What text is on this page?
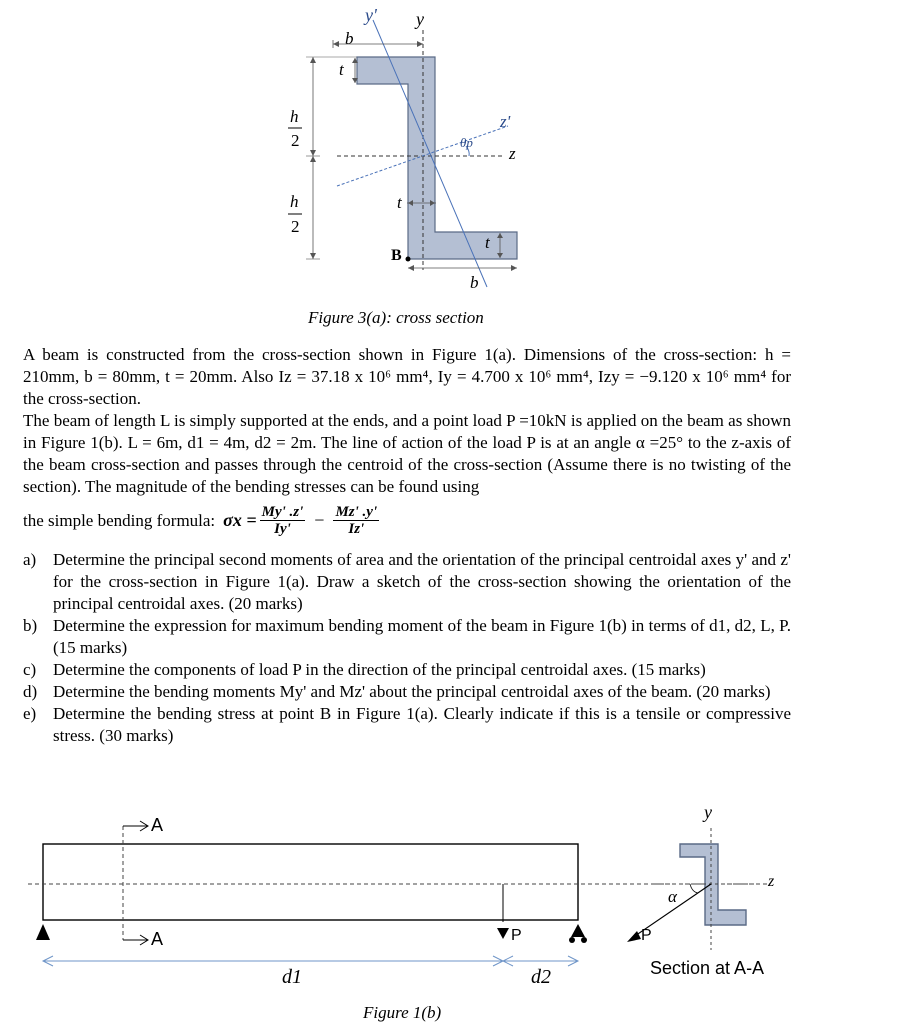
y' y
b
t
h
2
z'
z
θp
h
2
t
t
B
b
Figure 3(a): cross section

A beam is constructed from the cross-section shown in Figure 1(a). Dimensions of the cross-section: h = 210mm, b = 80mm, t = 20mm. Also Iz = 37.18 x 10⁶ mm⁴, Iy = 4.700 x 10⁶ mm⁴, Izy = −9.120 x 10⁶ mm⁴ for the cross-section.

The beam of length L is simply supported at the ends, and a point load P =10kN is applied on the beam as shown in Figure 1(b). L = 6m, d1 = 4m, d2 = 2m. The line of action of the load P is at an angle α =25° to the z-axis of the beam cross-section and passes through the centroid of the cross-section (Assume there is no twisting of the section). The magnitude of the bending stresses can be found using

the simple bending formula: $\sigma x = \frac{My' .z'}{Iy'} - \frac{Mz' .y'}{Iz'}$
a) Determine the principal second moments of area and the orientation of the principal centroidal axes y' and z' for the cross-section in Figure 1(a). Draw a sketch of the cross-section showing the orientation of the principal centroidal axes. (20 marks)
b) Determine the expression for maximum bending moment of the beam in Figure 1(b) in terms of d1, d2, L, P. (15 marks)
c) Determine the components of load P in the direction of the principal centroidal axes. (15 marks)
d) Determine the bending moments My' and Mz' about the principal centroidal axes of the beam. (20 marks)
e) Determine the bending stress at point B in Figure 1(a). Clearly indicate if this is a tensile or compressive stress. (30 marks)
A
A	P
d1	d2
y
z
α
P
Section at A-A
Figure 1(b)
